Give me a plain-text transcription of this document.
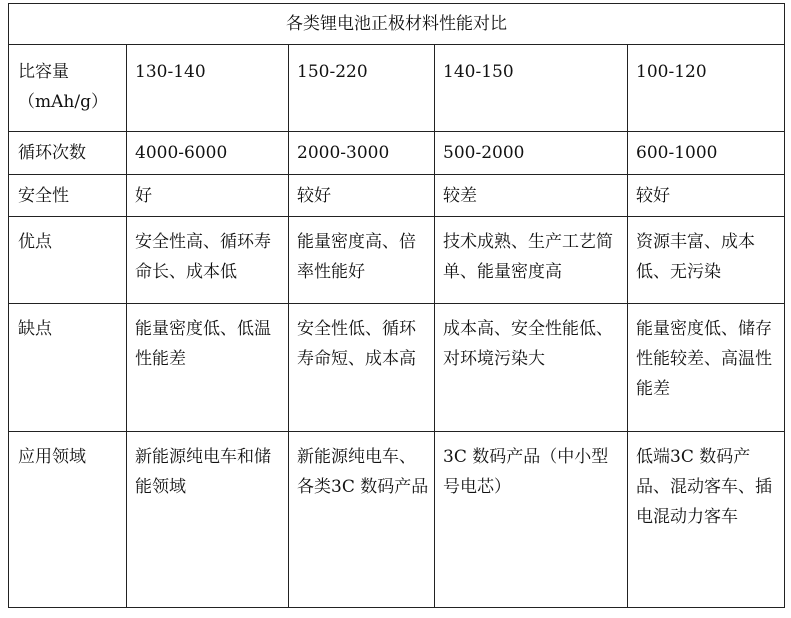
各类锂电池正极材料性能对比				
比容量（mAh/g）	130-140	150-220	140-150	100-120
循环次数	4000-6000	2000-3000	500-2000	600-1000
安全性	好	较好	较差	较好
优点	安全性高、循环寿命长、成本低	能量密度高、倍率性能好	技术成熟、生产工艺简单、能量密度高	资源丰富、成本低、无污染
缺点	能量密度低、低温性能差	安全性低、循环寿命短、成本高	成本高、安全性能低、对环境污染大	能量密度低、储存性能较差、高温性能差
应用领域	新能源纯电车和储能领域	新能源纯电车、各类3C 数码产品	3C 数码产品（中小型号电芯）	低端3C 数码产品、混动客车、插电混动力客车
